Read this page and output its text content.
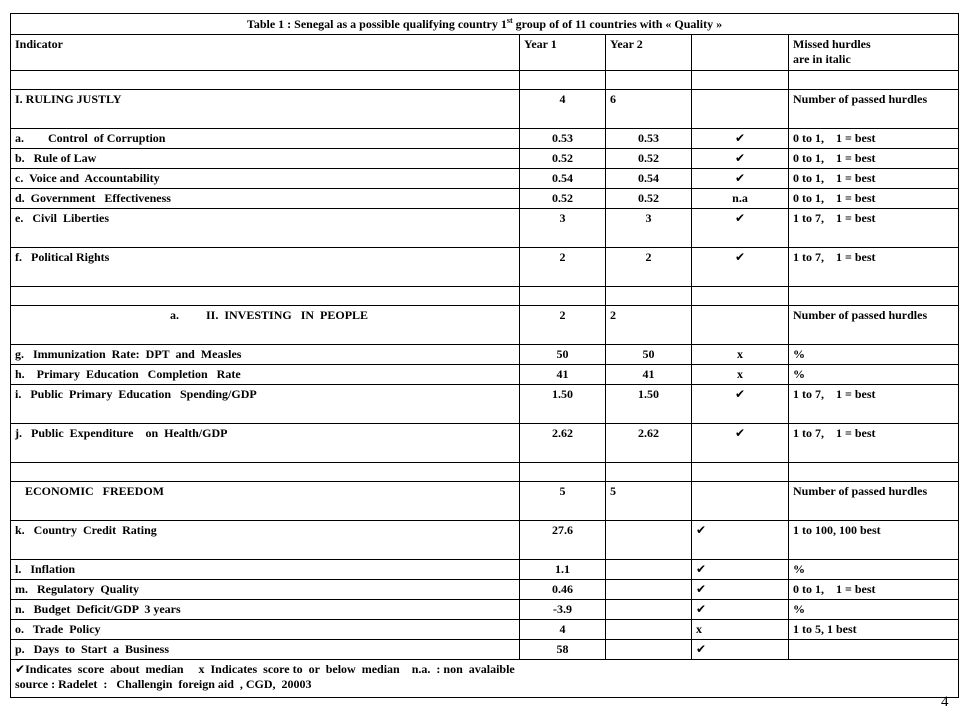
Table 1 : Senegal as a possible qualifying country 1st group of of 11 countries with « Quality »				
Indicator	Year 1	Year 2		Missed hurdles
are in italic

I. RULING JUSTLY	4	6		Number of passed hurdles
a.        Control  of Corruption	0.53	0.53	✔	0 to 1,    1 = best
b.   Rule of Law	0.52	0.52	✔	0 to 1,    1 = best
c.  Voice and  Accountability	0.54	0.54	✔	0 to 1,    1 = best
d.  Government   Effectiveness	0.52	0.52	n.a	0 to 1,    1 = best
e.   Civil  Liberties	3	3	✔	1 to 7,    1 = best
f.   Political Rights	2	2	✔	1 to 7,    1 = best

a. II.  INVESTING   IN  PEOPLE	2	2		Number of passed hurdles
g.   Immunization  Rate:  DPT  and  Measles	50	50	x	%
h.    Primary  Education   Completion   Rate	41	41	x	%
i.   Public  Primary  Education   Spending/GDP	1.50	1.50	✔	1 to 7,    1 = best
j.   Public  Expenditure    on  Health/GDP	2.62	2.62	✔	1 to 7,    1 = best

ECONOMIC   FREEDOM	5	5		Number of passed hurdles
k.   Country  Credit  Rating	27.6		✔	1 to 100, 100 best
l.   Inflation	1.1		✔	%
m.   Regulatory  Quality	0.46		✔	0 to 1,    1 = best
n.   Budget  Deficit/GDP  3 years	-3.9		✔	%
o.   Trade  Policy	4		x	1 to 5, 1 best
p.   Days  to  Start  a  Business	58		✔	
✔Indicates  score  about  median     x  Indicates  score to  or  below  median    n.a.  : non  avalaible
source : Radelet  :   Challengin  foreign aid  , CGD,  20003				
4
